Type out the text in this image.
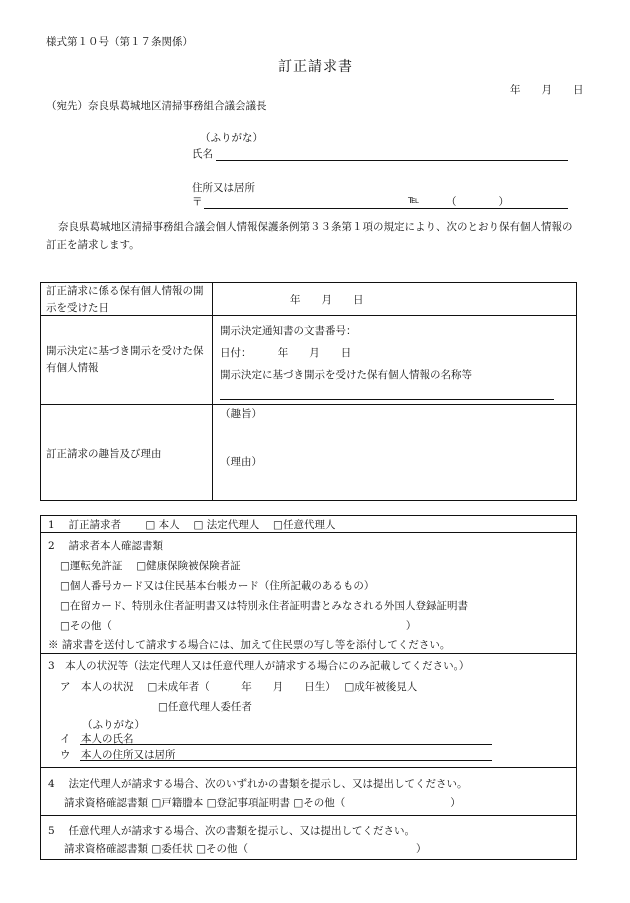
様式第１０号（第１７条関係）
訂正請求書
年　　月　　日
（宛先）奈良県葛城地区清掃事務組合議会議長
（ふりがな）
氏名
住所又は居所
〒	℡	（　　　　）
奈良県葛城地区清掃事務組合議会個人情報保護条例第３３条第１項の規定により、次のとおり保有個人情報の訂正を請求します。
訂正請求に係る保有個人情報の開示を受けた日
年　　月　　日
開示決定に基づき開示を受けた保有個人情報
開示決定通知書の文書番号：
日付：　　　年　　月　　日
開示決定に基づき開示を受けた保有個人情報の名称等
訂正請求の趣旨及び理由
（趣旨）
（理由）
1　 訂正請求者　　 □ 本人　 □ 法定代理人　 □任意代理人
2　 請求者本人確認書類
□運転免許証　 □健康保険被保険者証
□個人番号カード又は住民基本台帳カード（住所記載のあるもの）
□在留カード、特別永住者証明書又は特別永住者証明書とみなされる外国人登録証明書
□その他（　　　　　　　　　　　　　　　　　　　　　　　　　　　　）
※ 請求書を送付して請求する場合には、加えて住民票の写し等を添付してください。
3　本人の状況等（法定代理人又は任意代理人が請求する場合にのみ記載してください。）
ア　本人の状況　 □未成年者（　　　年　　月　　日生）　 □成年被後見人
□任意代理人委任者
（ふりがな）
イ　本人の氏名
ウ　本人の住所又は居所
4　 法定代理人が請求する場合、次のいずれかの書類を提示し、又は提出してください。
請求資格確認書類 □戸籍謄本 □登記事項証明書 □その他（　　　　　　　　　　）
5　 任意代理人が請求する場合、次の書類を提示し、又は提出してください。
請求資格確認書類 □委任状 □その他（　　　　　　　　　　　　　　　　）
